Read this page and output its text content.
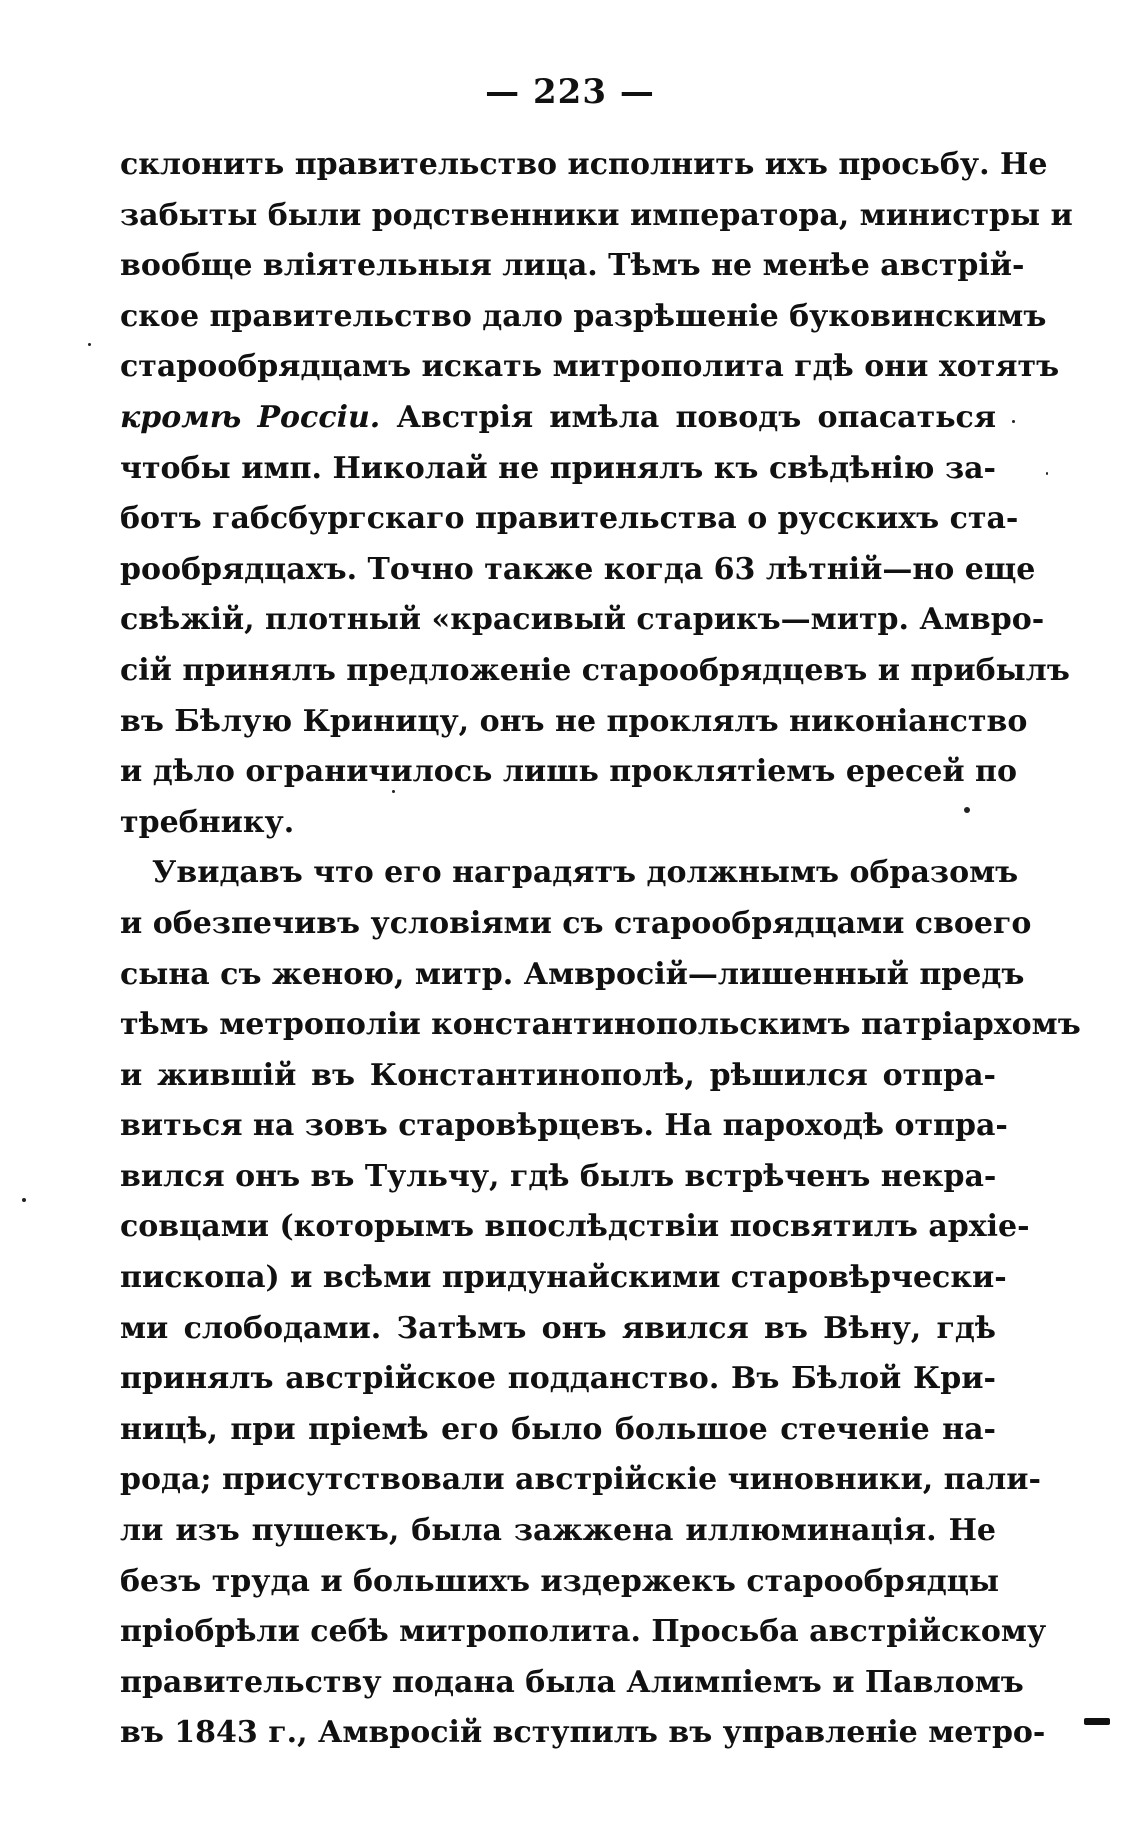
— 223 —
склонить правительство исполнить ихъ просьбу. Не
забыты были родственники императора, министры и
вообще влiятельныя лица. Тѣмъ не менѣе австрiй-
ское правительство дало разрѣшенiе буковинскимъ
старообрядцамъ искать митрополита гдѣ они хотятъ
кромѣ Россiи. Австрiя имѣла поводъ опасаться
чтобы имп. Николай не принялъ къ свѣдѣнiю за-
ботъ габсбургскаго правительства о русскихъ ста-
рообрядцахъ. Точно также когда 63 лѣтнiй—но еще
свѣжiй, плотный «красивый старикъ—митр. Амвро-
сiй принялъ предложенiе старообрядцевъ и прибылъ
въ Бѣлую Криницу, онъ не проклялъ никонiанство
и дѣло ограничилось лишь проклятiемъ ересей по
требнику.
Увидавъ что его наградятъ должнымъ образомъ
и обезпечивъ условiями съ старообрядцами своего
сына съ женою, митр. Амвросiй—лишенный предъ
тѣмъ метрополiи константинопольскимъ патрiархомъ
и жившiй въ Константинополѣ, рѣшился отпра-
виться на зовъ старовѣрцевъ. На пароходѣ отпра-
вился онъ въ Тульчу, гдѣ былъ встрѣченъ некра-
совцами (которымъ впослѣдствiи посвятилъ архiе-
пископа) и всѣми придунайскими старовѣрчески-
ми слободами. Затѣмъ онъ явился въ Вѣну, гдѣ
принялъ австрiйское подданство. Въ Бѣлой Кри-
ницѣ, при прiемѣ его было большое стеченiе на-
рода; присутствовали австрiйскiе чиновники, пали-
ли изъ пушекъ, была зажжена иллюминацiя. Не
безъ труда и большихъ издержекъ старообрядцы
прiобрѣли себѣ митрополита. Просьба австрiйскому
правительству подана была Алимпiемъ и Павломъ
въ 1843 г., Амвросiй вступилъ въ управленiе метро-
